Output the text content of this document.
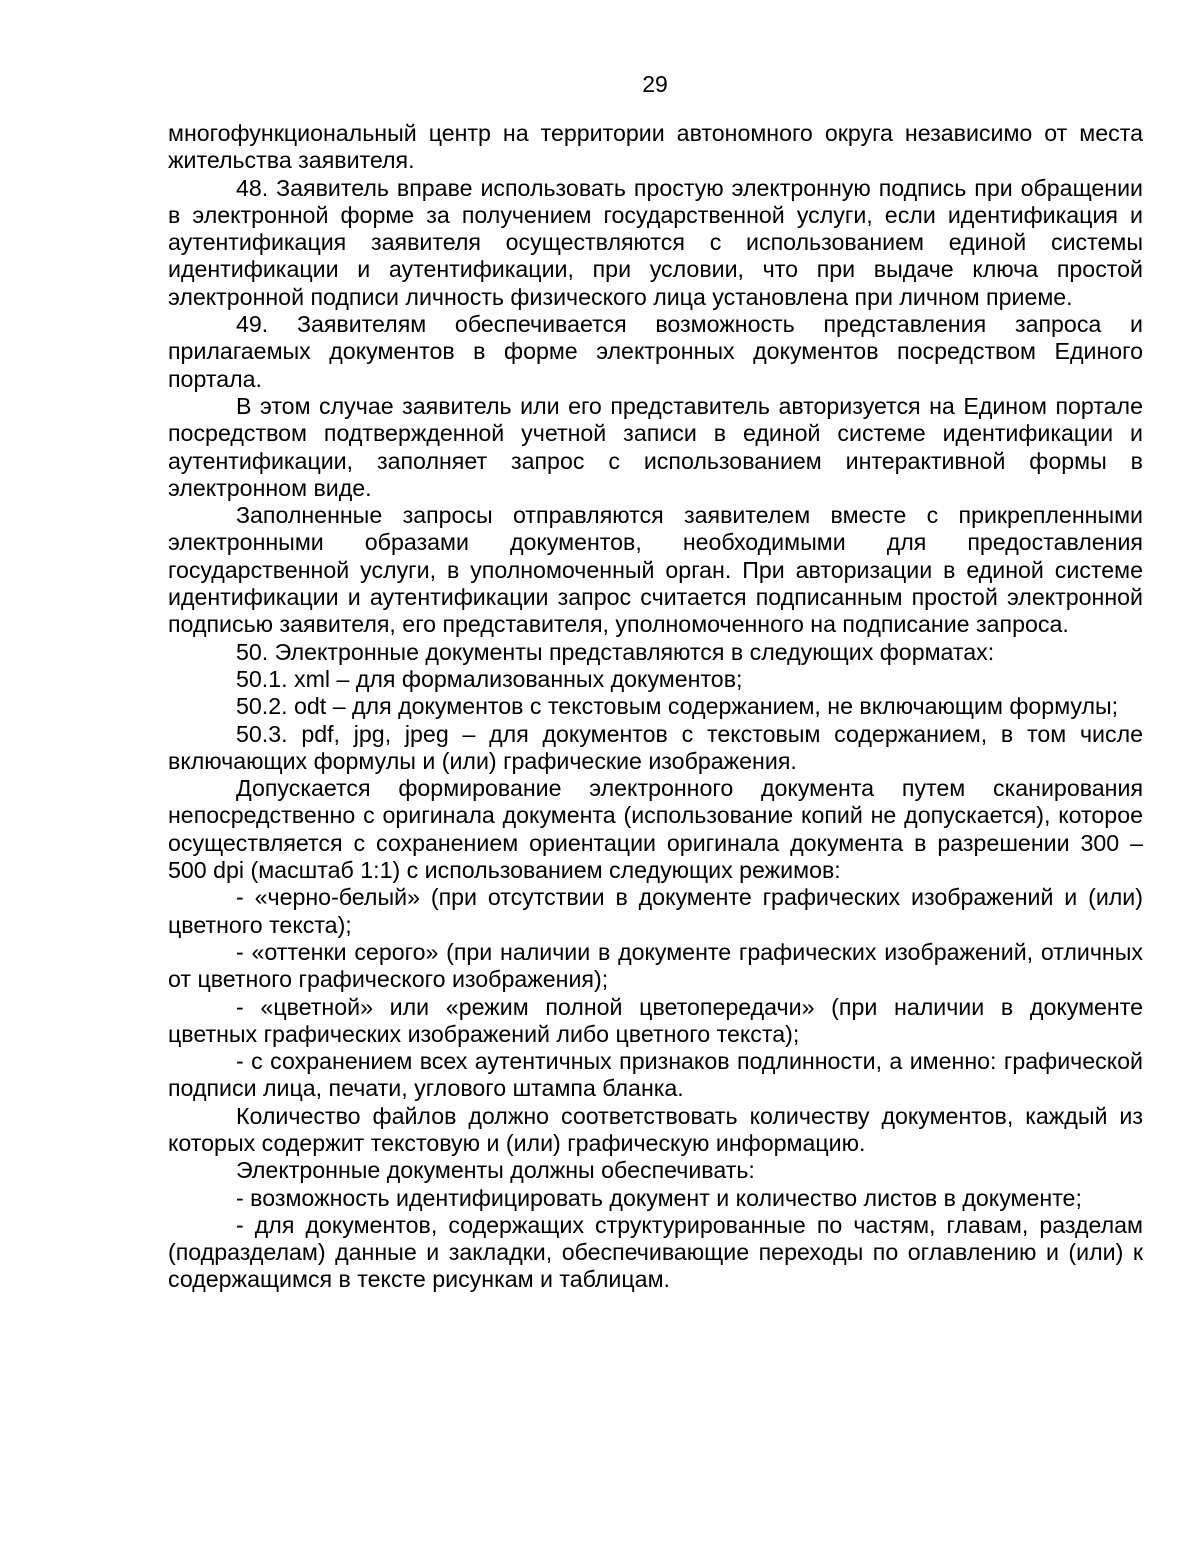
29

многофункциональный центр на территории автономного округа независимо от места жительства заявителя.

48. Заявитель вправе использовать простую электронную подпись при обращении в электронной форме за получением государственной услуги, если идентификация и аутентификация заявителя осуществляются с использованием единой системы идентификации и аутентификации, при условии, что при выдаче ключа простой электронной подписи личность физического лица установлена при личном приеме.

49. Заявителям обеспечивается возможность представления запроса и прилагаемых документов в форме электронных документов посредством Единого портала.

В этом случае заявитель или его представитель авторизуется на Едином портале посредством подтвержденной учетной записи в единой системе идентификации и аутентификации, заполняет запрос с использованием интерактивной формы в электронном виде.

Заполненные запросы отправляются заявителем вместе с прикрепленными электронными образами документов, необходимыми для предоставления государственной услуги, в уполномоченный орган. При авторизации в единой системе идентификации и аутентификации запрос считается подписанным простой электронной подписью заявителя, его представителя, уполномоченного на подписание запроса.

50. Электронные документы представляются в следующих форматах:

50.1. xml – для формализованных документов;

50.2. odt – для документов с текстовым содержанием, не включающим формулы;

50.3. pdf, jpg, jpeg – для документов с текстовым содержанием, в том числе включающих формулы и (или) графические изображения.

Допускается формирование электронного документа путем сканирования непосредственно с оригинала документа (использование копий не допускается), которое осуществляется с сохранением ориентации оригинала документа в разрешении 300 – 500 dpi (масштаб 1:1) с использованием следующих режимов:

- «черно-белый» (при отсутствии в документе графических изображений и (или) цветного текста);

- «оттенки серого» (при наличии в документе графических изображений, отличных от цветного графического изображения);

- «цветной» или «режим полной цветопередачи» (при наличии в документе цветных графических изображений либо цветного текста);

- с сохранением всех аутентичных признаков подлинности, а именно: графической подписи лица, печати, углового штампа бланка.

Количество файлов должно соответствовать количеству документов, каждый из которых содержит текстовую и (или) графическую информацию.

Электронные документы должны обеспечивать:

- возможность идентифицировать документ и количество листов в документе;

- для документов, содержащих структурированные по частям, главам, разделам (подразделам) данные и закладки, обеспечивающие переходы по оглавлению и (или) к содержащимся в тексте рисункам и таблицам.
